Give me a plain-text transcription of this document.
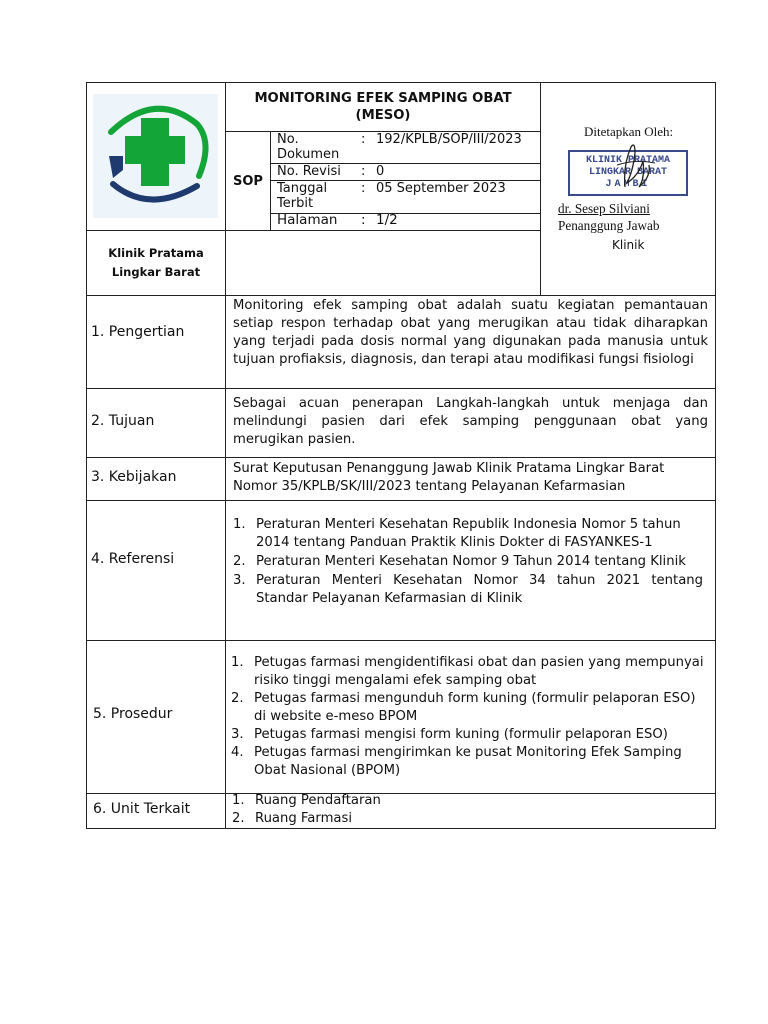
Klinik Pratama
Lingkar Barat
MONITORING EFEK SAMPING OBAT
(MESO)
SOP
No.
Dokumen
: 192/KPLB/SOP/III/2023
No. Revisi	: 0
Tanggal
Terbit
: 05 September 2023
Halaman	: 1/2
Ditetapkan Oleh:
KLINIK PRATAMA
LINGKAR BARAT
JAMBI
dr. Sesep Silviani
Penanggung Jawab
Klinik
1. Pengertian
Monitoring efek samping obat adalah suatu kegiatan pemantauan setiap respon terhadap obat yang merugikan atau tidak diharapkan yang terjadi pada dosis normal yang digunakan pada manusia untuk tujuan profiaksis, diagnosis, dan terapi atau modifikasi fungsi fisiologi
2. Tujuan
Sebagai acuan penerapan Langkah-langkah untuk menjaga dan melindungi pasien dari efek samping penggunaan obat yang merugikan pasien.
3. Kebijakan
Surat Keputusan Penanggung Jawab Klinik Pratama Lingkar Barat
Nomor 35/KPLB/SK/III/2023 tentang Pelayanan Kefarmasian
4. Referensi
1. Peraturan Menteri Kesehatan Republik Indonesia Nomor 5 tahun 2014 tentang Panduan Praktik Klinis Dokter di FASYANKES-1
2. Peraturan Menteri Kesehatan Nomor 9 Tahun 2014 tentang Klinik
3. Peraturan Menteri Kesehatan Nomor 34 tahun 2021 tentang Standar Pelayanan Kefarmasian di Klinik
5. Prosedur
1. Petugas farmasi mengidentifikasi obat dan pasien yang mempunyai risiko tinggi mengalami efek samping obat
2. Petugas farmasi mengunduh form kuning (formulir pelaporan ESO) di website e-meso BPOM
3. Petugas farmasi mengisi form kuning (formulir pelaporan ESO)
4. Petugas farmasi mengirimkan ke pusat Monitoring Efek Samping Obat Nasional (BPOM)
6. Unit Terkait
1. Ruang Pendaftaran
2. Ruang Farmasi
